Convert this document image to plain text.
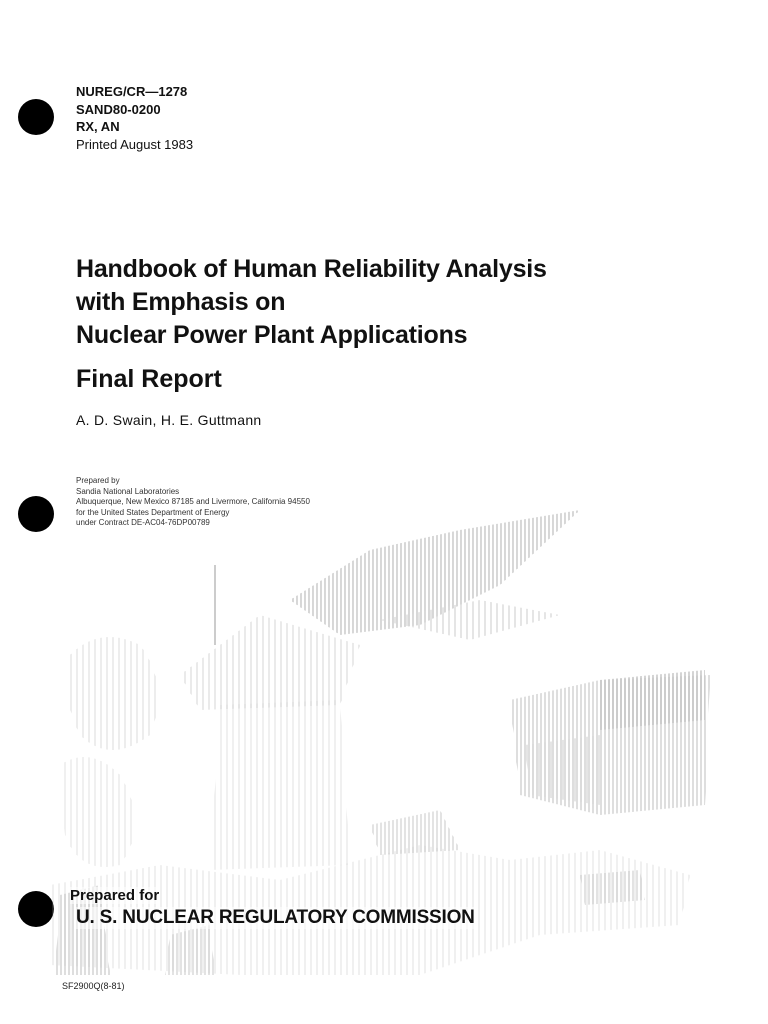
NUREG/CR—1278
SAND80-0200
RX, AN
Printed August 1983
Handbook of Human Reliability Analysis
with Emphasis on
Nuclear Power Plant Applications
Final Report
A. D. Swain, H. E. Guttmann
Prepared by
Sandia National Laboratories
Albuquerque, New Mexico 87185 and Livermore, California 94550
for the United States Department of Energy
under Contract DE-AC04-76DP00789
Prepared for
U. S. NUCLEAR REGULATORY COMMISSION
SF2900Q(8-81)
